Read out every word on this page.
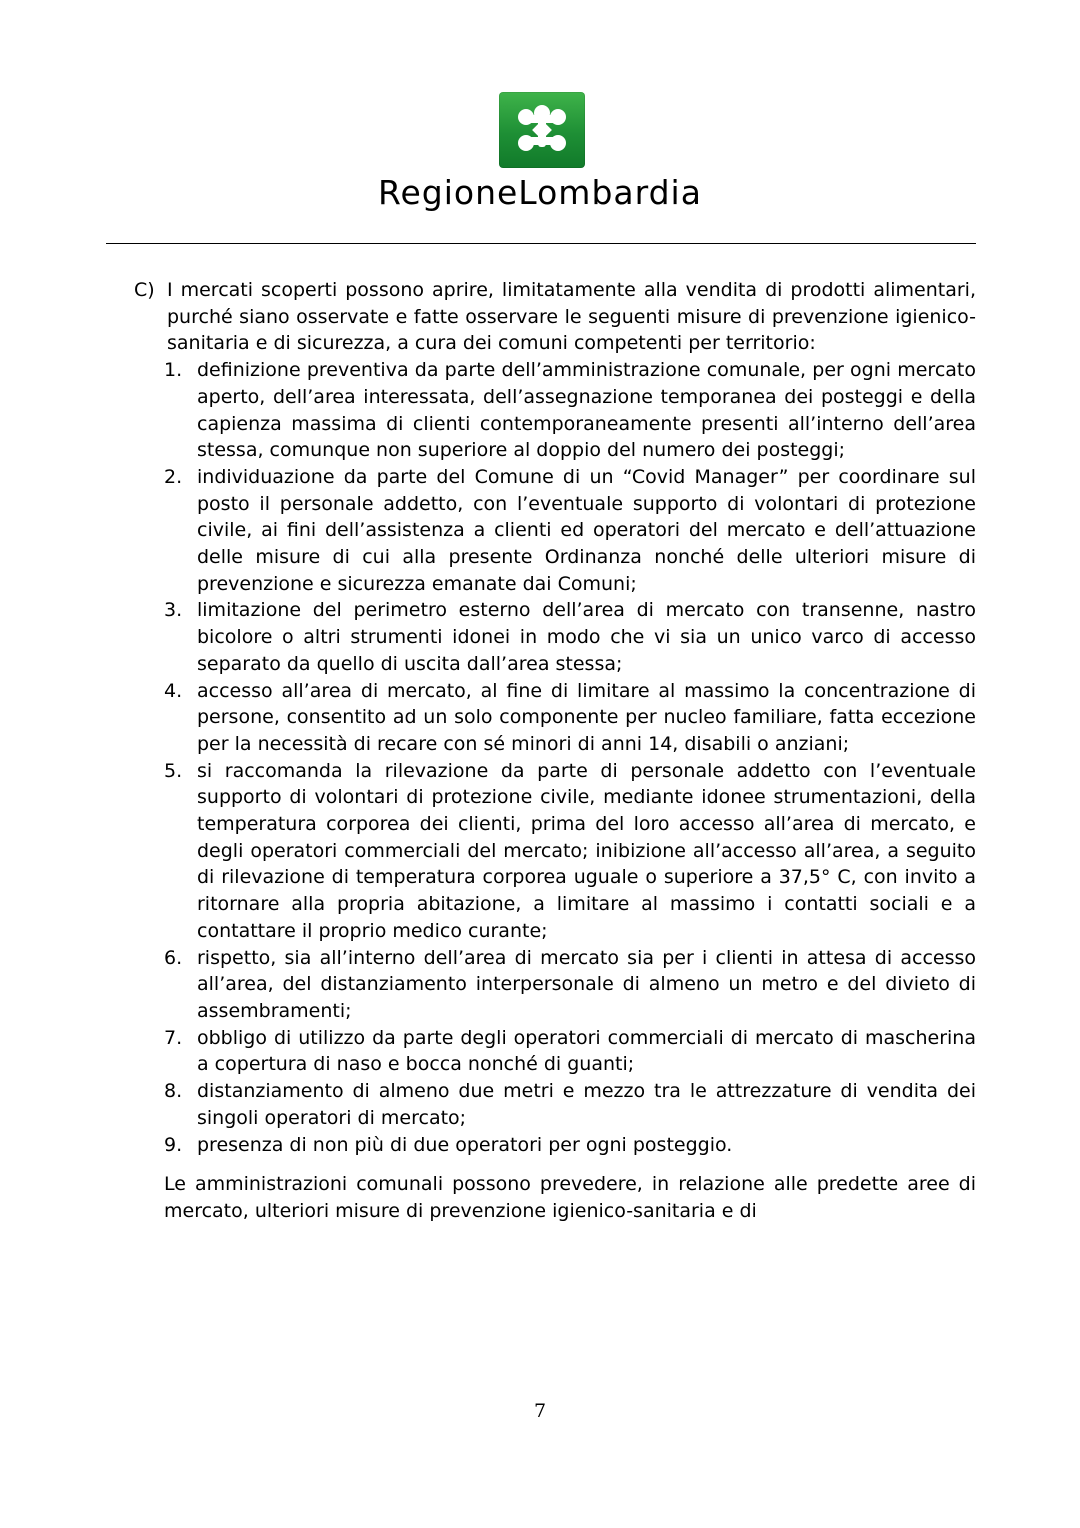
RegioneLombardia
C) I mercati scoperti possono aprire, limitatamente alla vendita di prodotti alimentari, purché siano osservate e fatte osservare le seguenti misure di prevenzione igienico-sanitaria e di sicurezza, a cura dei comuni competenti per territorio:

1. definizione preventiva da parte dell’amministrazione comunale, per ogni mercato aperto, dell’area interessata, dell’assegnazione temporanea dei posteggi e della capienza massima di clienti contemporaneamente presenti all’interno dell’area stessa, comunque non superiore al doppio del numero dei posteggi;
2. individuazione da parte del Comune di un “Covid Manager” per coordinare sul posto il personale addetto, con l’eventuale supporto di volontari di protezione civile, ai fini dell’assistenza a clienti ed operatori del mercato e dell’attuazione delle misure di cui alla presente Ordinanza nonché delle ulteriori misure di prevenzione e sicurezza emanate dai Comuni;
3. limitazione del perimetro esterno dell’area di mercato con transenne, nastro bicolore o altri strumenti idonei in modo che vi sia un unico varco di accesso separato da quello di uscita dall’area stessa;
4. accesso all’area di mercato, al fine di limitare al massimo la concentrazione di persone, consentito ad un solo componente per nucleo familiare, fatta eccezione per la necessità di recare con sé minori di anni 14, disabili o anziani;
5. si raccomanda la rilevazione da parte di personale addetto con l’eventuale supporto di volontari di protezione civile, mediante idonee strumentazioni, della temperatura corporea dei clienti, prima del loro accesso all’area di mercato, e degli operatori commerciali del mercato; inibizione all’accesso all’area, a seguito di rilevazione di temperatura corporea uguale o superiore a 37,5° C, con invito a ritornare alla propria abitazione, a limitare al massimo i contatti sociali e a contattare il proprio medico curante;
6. rispetto, sia all’interno dell’area di mercato sia per i clienti in attesa di accesso all’area, del distanziamento interpersonale di almeno un metro e del divieto di assembramenti;
7. obbligo di utilizzo da parte degli operatori commerciali di mercato di mascherina a copertura di naso e bocca nonché di guanti;
8. distanziamento di almeno due metri e mezzo tra le attrezzature di vendita dei singoli operatori di mercato;
9. presenza di non più di due operatori per ogni posteggio.

Le amministrazioni comunali possono prevedere, in relazione alle predette aree di mercato, ulteriori misure di prevenzione igienico-sanitaria e di

7
